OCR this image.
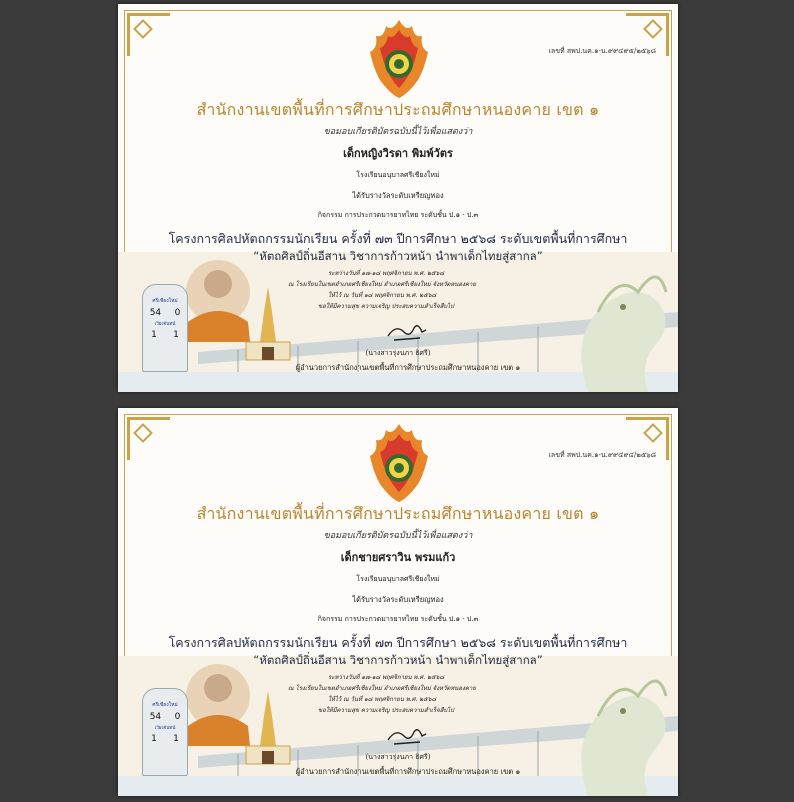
ศรีเชียงใหม่
54 0
เวียงจันทน์
1 1
เลขที่ สพป.นค.๑-น.๙๙๔๙๕/๒๕๖๘
สำนักงานเขตพื้นที่การศึกษาประถมศึกษาหนองคาย เขต ๑
ขอมอบเกียรติบัตรฉบับนี้ไว้เพื่อแสดงว่า
เด็กหญิงวิรดา พิมพ์วัตร
โรงเรียนอนุบาลศรีเชียงใหม่
ได้รับรางวัลระดับเหรียญทอง
กิจกรรม การประกวดมารยาทไทย ระดับชั้น ป.๑ - ป.๓
โครงการศิลปหัตถกรรมนักเรียน ครั้งที่ ๗๓ ปีการศึกษา ๒๕๖๘ ระดับเขตพื้นที่การศึกษา
“หัตถศิลป์ถิ่นอีสาน วิชาการก้าวหน้า นำพาเด็กไทยสู่สากล”
ระหว่างวันที่ ๑๗-๑๘ พฤศจิกายน พ.ศ. ๒๕๖๘
ณ โรงเรียนในเขตอำเภอศรีเชียงใหม่ อำเภอศรีเชียงใหม่ จังหวัดหนองคาย
ให้ไว้ ณ วันที่ ๑๘ พฤศจิกายน พ.ศ. ๒๕๖๘
ขอให้มีความสุข ความเจริญ ประสบความสำเร็จสืบไป
(นางสาวรุ่งนภา ธิศรี)
ผู้อำนวยการสำนักงานเขตพื้นที่การศึกษาประถมศึกษาหนองคาย เขต ๑
ศรีเชียงใหม่
54 0
เวียงจันทน์
1 1
เลขที่ สพป.นค.๑-น.๙๙๔๙๔/๒๕๖๘
สำนักงานเขตพื้นที่การศึกษาประถมศึกษาหนองคาย เขต ๑
ขอมอบเกียรติบัตรฉบับนี้ไว้เพื่อแสดงว่า
เด็กชายศราวิน พรมแก้ว
โรงเรียนอนุบาลศรีเชียงใหม่
ได้รับรางวัลระดับเหรียญทอง
กิจกรรม การประกวดมารยาทไทย ระดับชั้น ป.๑ - ป.๓
โครงการศิลปหัตถกรรมนักเรียน ครั้งที่ ๗๓ ปีการศึกษา ๒๕๖๘ ระดับเขตพื้นที่การศึกษา
“หัตถศิลป์ถิ่นอีสาน วิชาการก้าวหน้า นำพาเด็กไทยสู่สากล”
ระหว่างวันที่ ๑๗-๑๘ พฤศจิกายน พ.ศ. ๒๕๖๘
ณ โรงเรียนในเขตอำเภอศรีเชียงใหม่ อำเภอศรีเชียงใหม่ จังหวัดหนองคาย
ให้ไว้ ณ วันที่ ๑๘ พฤศจิกายน พ.ศ. ๒๕๖๘
ขอให้มีความสุข ความเจริญ ประสบความสำเร็จสืบไป
(นางสาวรุ่งนภา ธิศรี)
ผู้อำนวยการสำนักงานเขตพื้นที่การศึกษาประถมศึกษาหนองคาย เขต ๑
